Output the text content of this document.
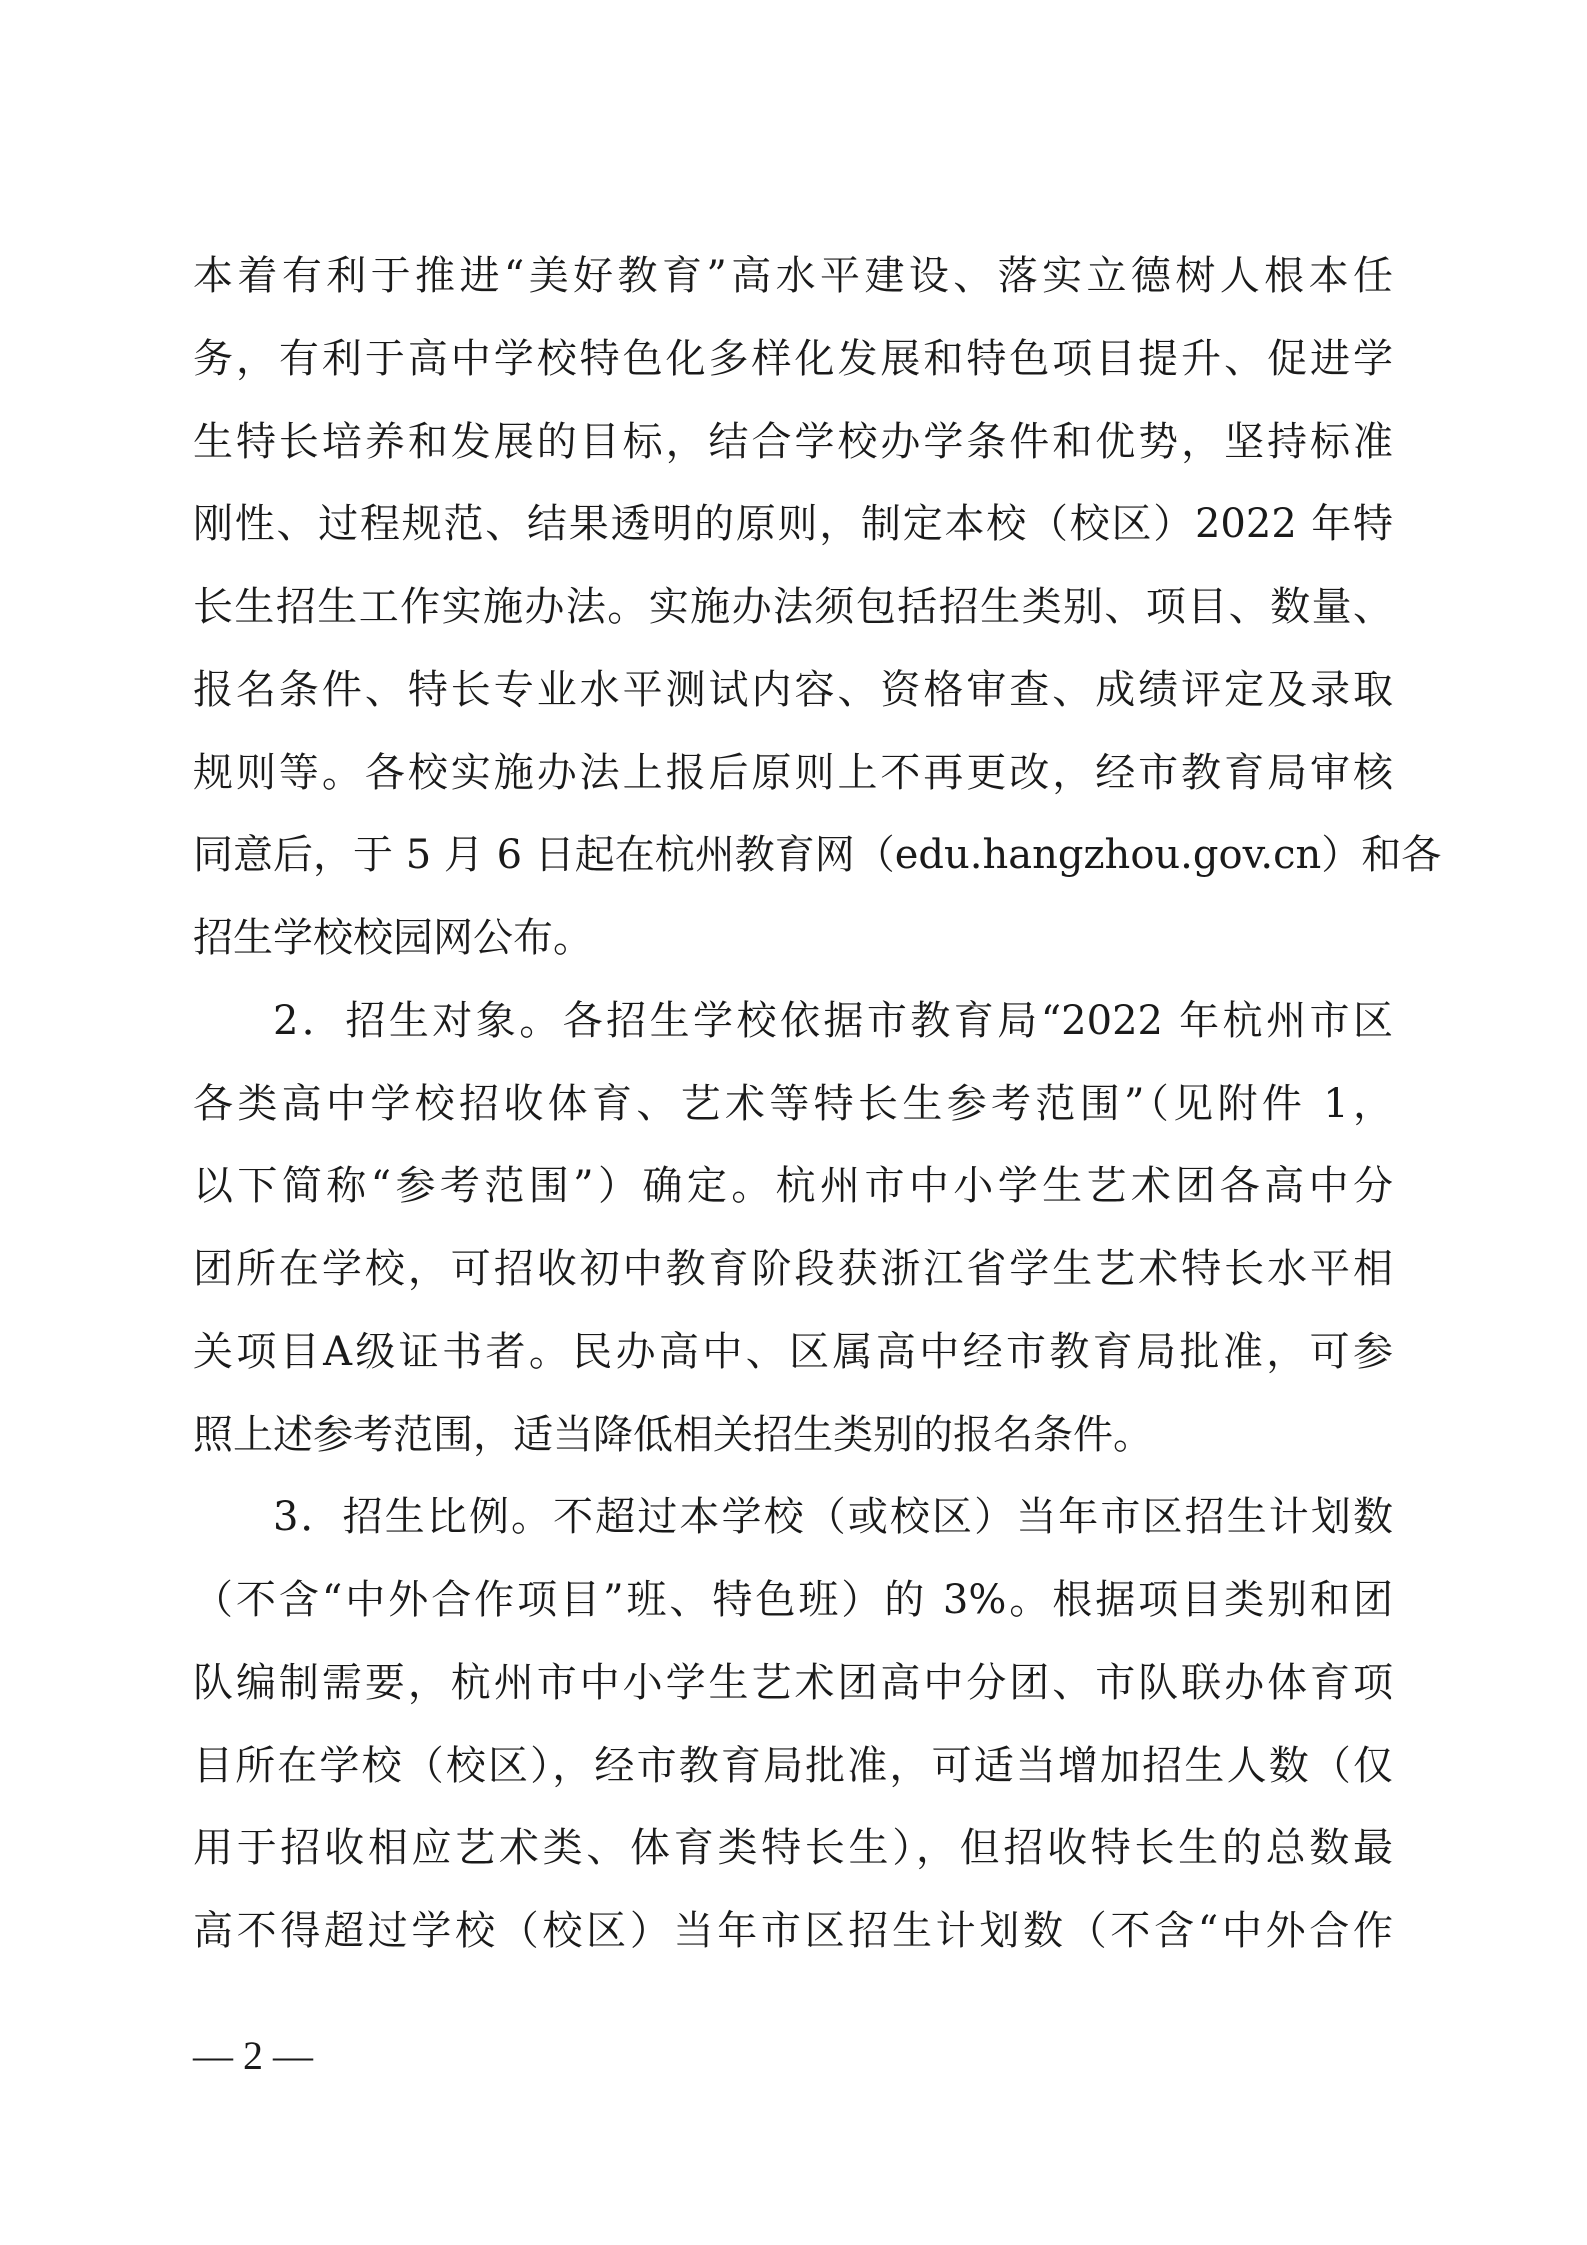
本着有利于推进“美好教育”高水平建设、落实立德树人根本任
务，有利于高中学校特色化多样化发展和特色项目提升、促进学
生特长培养和发展的目标，结合学校办学条件和优势，坚持标准
刚性、过程规范、结果透明的原则，制定本校（校区）2022 年特
长生招生工作实施办法。实施办法须包括招生类别、项目、数量、
报名条件、特长专业水平测试内容、资格审查、成绩评定及录取
规则等。各校实施办法上报后原则上不再更改，经市教育局审核
同意后，于 5 月 6 日起在杭州教育网（edu.hangzhou.gov.cn）和各
招生学校校园网公布。
2．招生对象。各招生学校依据市教育局“2022 年杭州市区
各类高中学校招收体育、艺术等特长生参考范围”（见附件 1，
以下简称“参考范围”）确定。杭州市中小学生艺术团各高中分
团所在学校，可招收初中教育阶段获浙江省学生艺术特长水平相
关项目A级证书者。民办高中、区属高中经市教育局批准，可参
照上述参考范围，适当降低相关招生类别的报名条件。
3．招生比例。不超过本学校（或校区）当年市区招生计划数
（不含“中外合作项目”班、特色班）的 3%。根据项目类别和团
队编制需要，杭州市中小学生艺术团高中分团、市队联办体育项
目所在学校（校区），经市教育局批准，可适当增加招生人数（仅
用于招收相应艺术类、体育类特长生），但招收特长生的总数最
高不得超过学校（校区）当年市区招生计划数（不含“中外合作
— 2 —
